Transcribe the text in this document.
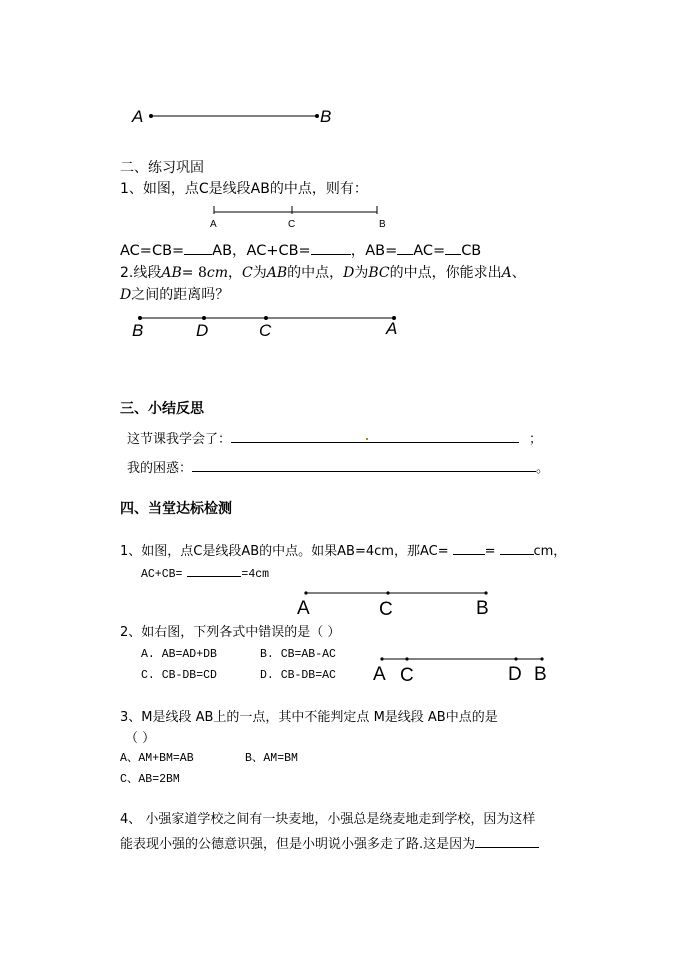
A	B
二、练习巩固
1、如图，点C是线段AB的中点，则有：
A	C	B
AC=CB= AB，AC+CB=	，AB= AC= CB
2.线段AB= 8cm，C为AB的中点，D为BC的中点，你能求出A、
D之间的距离吗？
B	D	C	A
三、小结反思
这节课我学会了：	；
我的困惑：	。
四、当堂达标检测
1、如图，点C是线段AB的中点。如果AB=4cm，那AC=	=	cm，
AC+CB=	=4cm
A	C	B
2、如右图，下列各式中错误的是（ ）
A. AB=AD+DB	B. CB=AB-AC
C. CB-DB=CD	D. CB-DB=AC A C	D B
3、M是线段 AB上的一点，其中不能判定点 M是线段 AB中点的是
（ ）
A、AM+BM=AB	B、AM=BM
C、AB=2BM
4、 小强家道学校之间有一块麦地，小强总是绕麦地走到学校，因为这样
能表现小强的公德意识强，但是小明说小强多走了路.这是因为
